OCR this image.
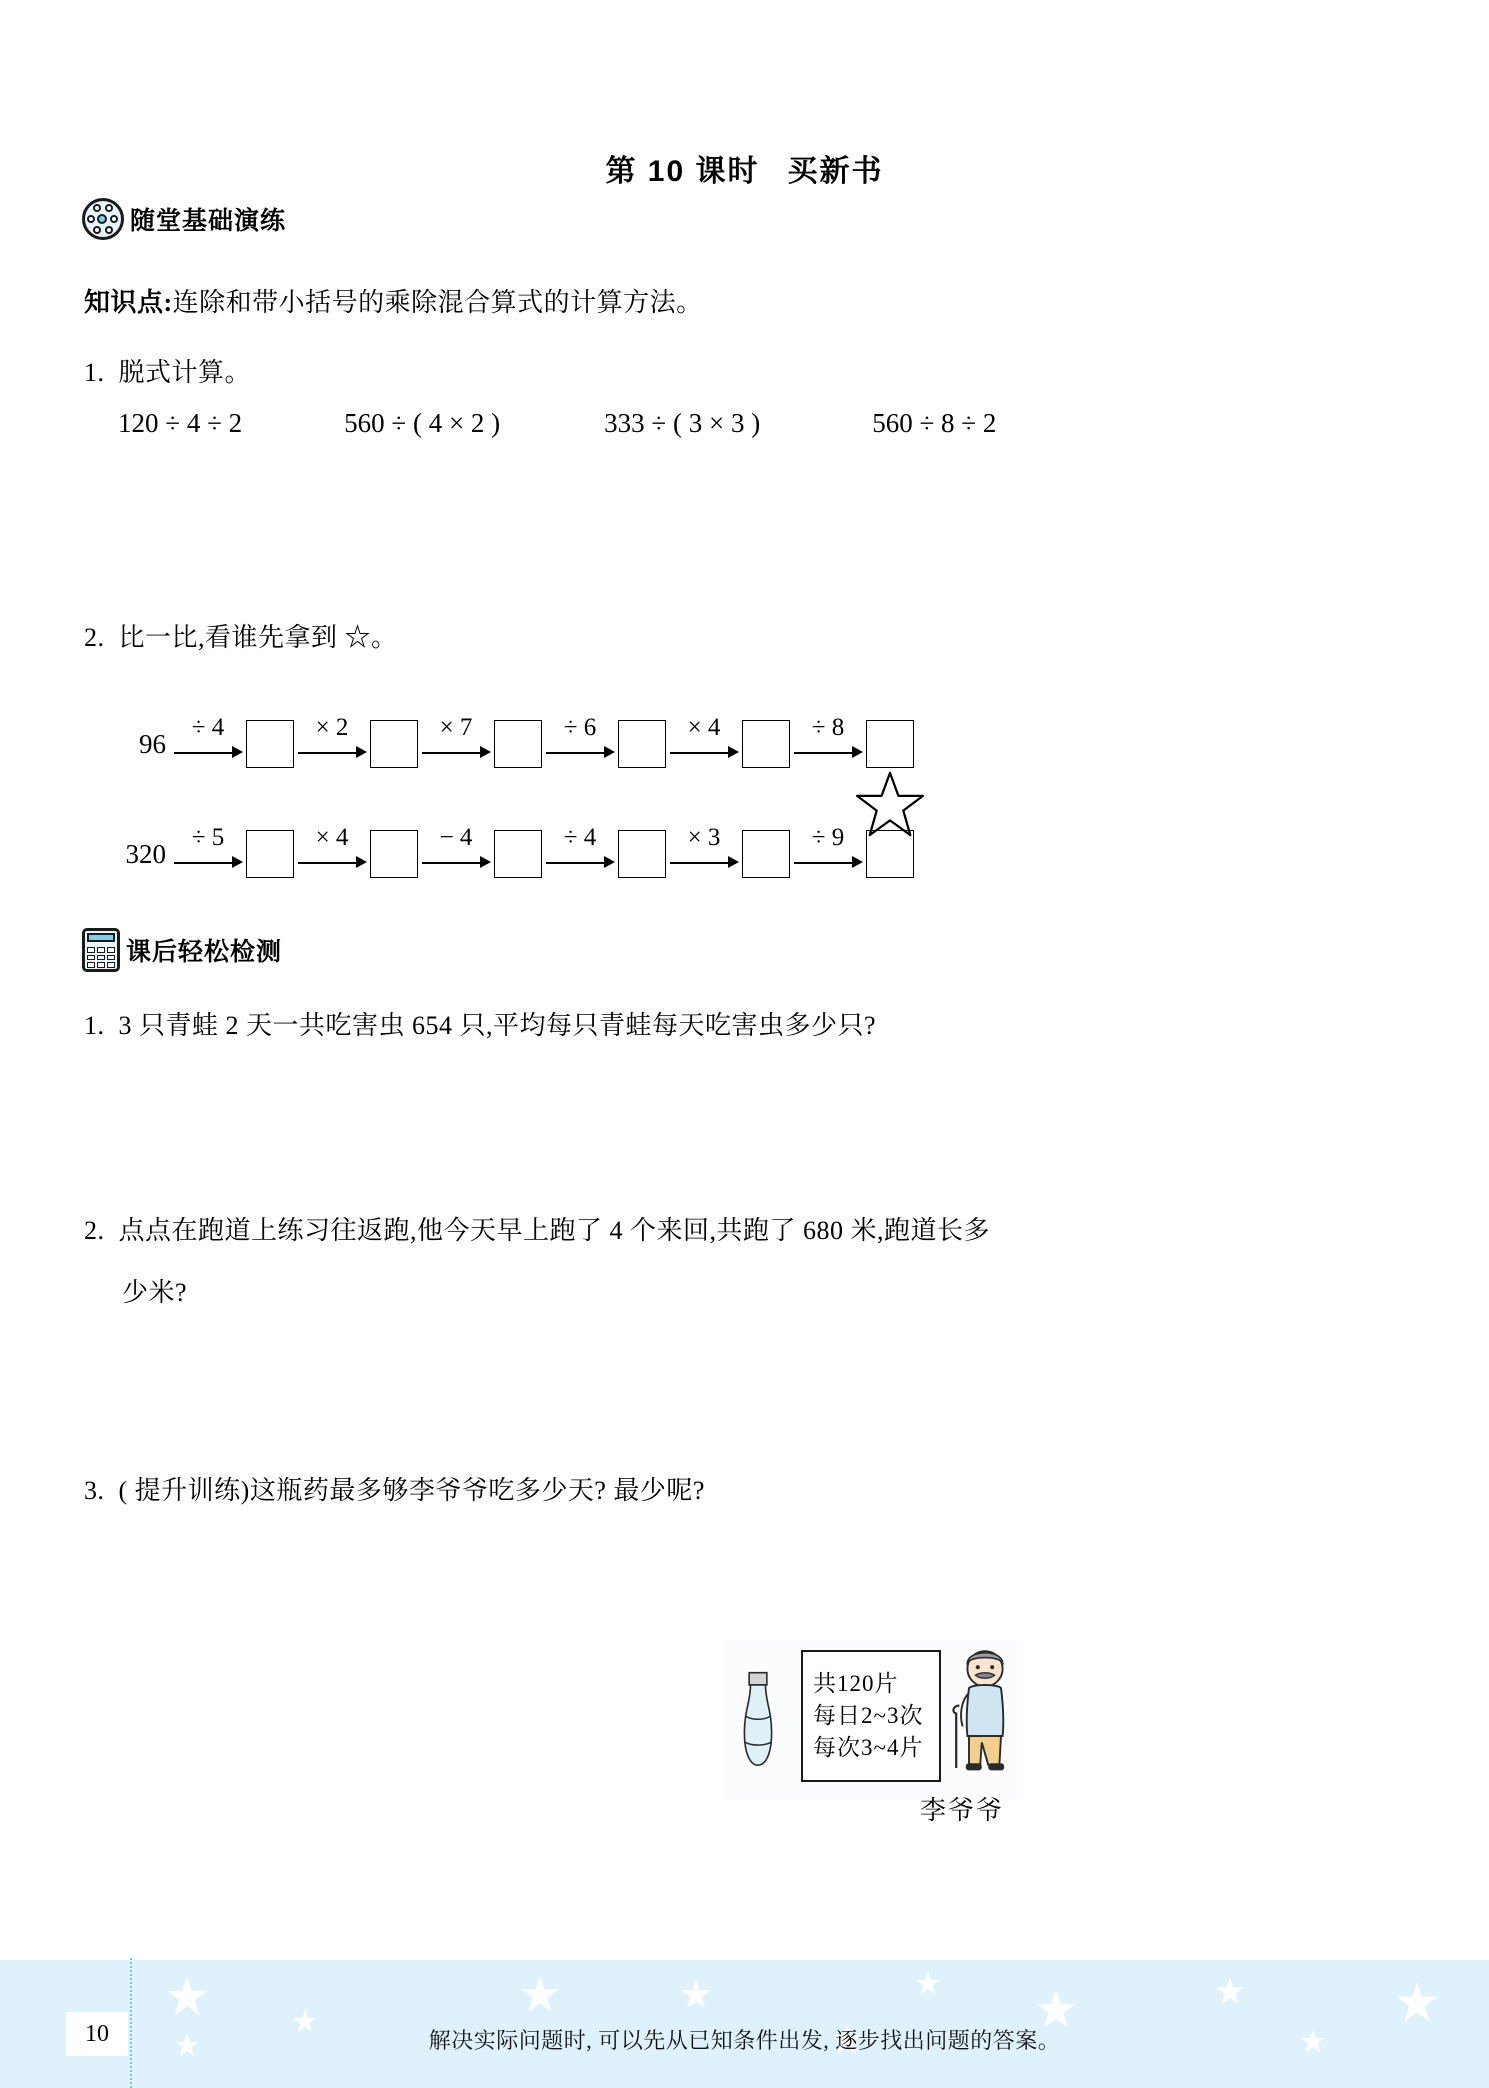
第 10 课时 买新书
随堂基础演练
知识点:连除和带小括号的乘除混合算式的计算方法。
1. 脱式计算。
120 ÷ 4 ÷ 2	560 ÷ ( 4 × 2 )	333 ÷ ( 3 × 3 )	560 ÷ 8 ÷ 2
2. 比一比,看谁先拿到 ☆。
96
÷ 4	× 2	× 7	÷ 6	× 4	÷ 8
320
÷ 5	× 4	− 4	÷ 4	× 3	÷ 9
课后轻松检测
1. 3 只青蛙 2 天一共吃害虫 654 只,平均每只青蛙每天吃害虫多少只?
2. 点点在跑道上练习往返跑,他今天早上跑了 4 个来回,共跑了 680 米,跑道长多
少米?
3. ( 提升训练)这瓶药最多够李爷爷吃多少天? 最少呢?
共120片
每日2~3次
每次3~4片
李爷爷
解决实际问题时, 可以先从已知条件出发, 逐步找出问题的答案。
10
